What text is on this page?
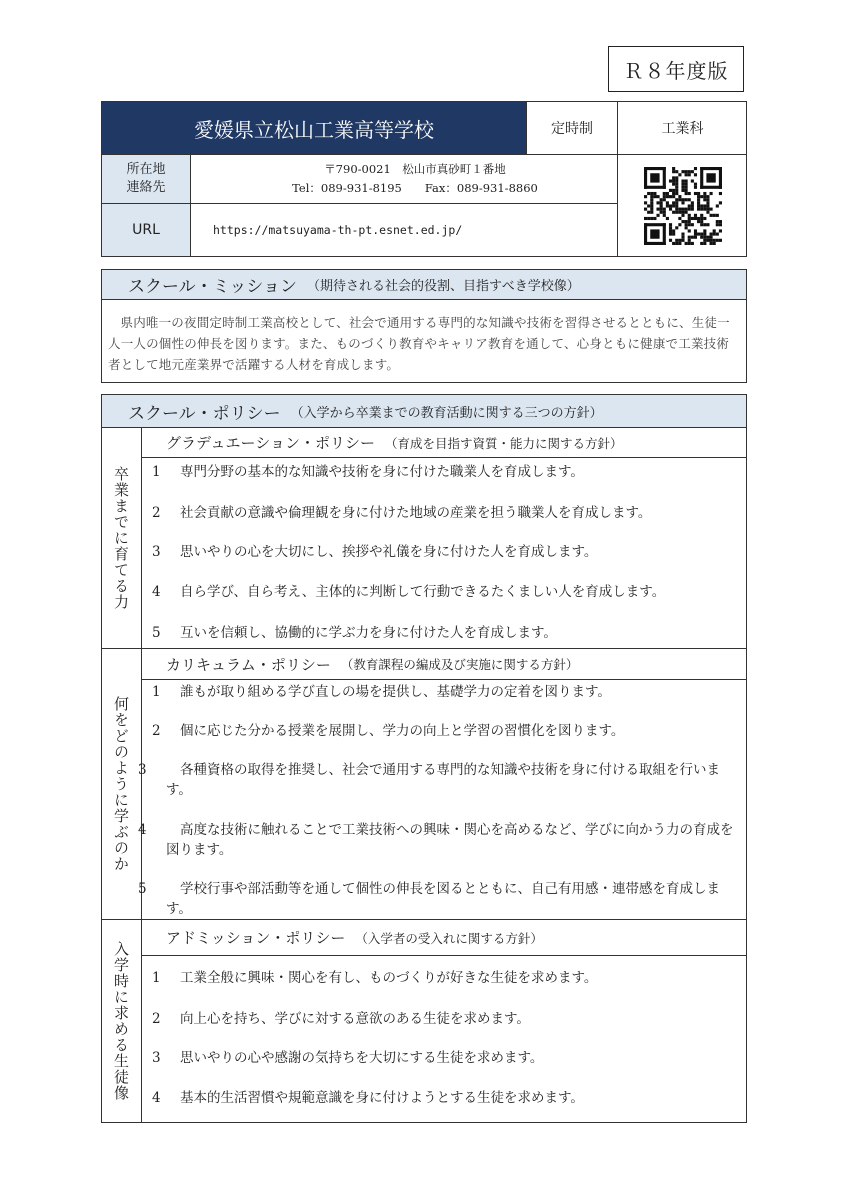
Ｒ８年度版
愛媛県立松山工業高等学校	定時制	工業科
所在地
連絡先
〒790-0021　松山市真砂町１番地
Tel：089-931-8195　　Fax：089-931-8860
URL	https://matsuyama-th-pt.esnet.ed.jp/
スクール・ミッション （期待される社会的役割、目指すべき学校像）
県内唯一の夜間定時制工業高校として、社会で通用する専門的な知識や技術を習得させるとともに、生徒一人一人の個性の伸長を図ります。また、ものづくり教育やキャリア教育を通して、心身ともに健康で工業技術者として地元産業界で活躍する人材を育成します。
スクール・ポリシー （入学から卒業までの教育活動に関する三つの方針）
卒業までに育てる力
グラデュエーション・ポリシー （育成を目指す資質・能力に関する方針）
1 専門分野の基本的な知識や技術を身に付けた職業人を育成します。
2 社会貢献の意識や倫理観を身に付けた地域の産業を担う職業人を育成します。
3 思いやりの心を大切にし、挨拶や礼儀を身に付けた人を育成します。
4 自ら学び、自ら考え、主体的に判断して行動できるたくましい人を育成します。
5 互いを信頼し、協働的に学ぶ力を身に付けた人を育成します。
何をどのように学ぶのか
カリキュラム・ポリシー （教育課程の編成及び実施に関する方針）
1 誰もが取り組める学び直しの場を提供し、基礎学力の定着を図ります。
2 個に応じた分かる授業を展開し、学力の向上と学習の習慣化を図ります。
3 各種資格の取得を推奨し、社会で通用する専門的な知識や技術を身に付ける取組を行います。
4 高度な技術に触れることで工業技術への興味・関心を高めるなど、学びに向かう力の育成を図ります。
5 学校行事や部活動等を通して個性の伸長を図るとともに、自己有用感・連帯感を育成します。
入学時に求める生徒像
アドミッション・ポリシー （入学者の受入れに関する方針）
1 工業全般に興味・関心を有し、ものづくりが好きな生徒を求めます。
2 向上心を持ち、学びに対する意欲のある生徒を求めます。
3 思いやりの心や感謝の気持ちを大切にする生徒を求めます。
4 基本的生活習慣や規範意識を身に付けようとする生徒を求めます。
